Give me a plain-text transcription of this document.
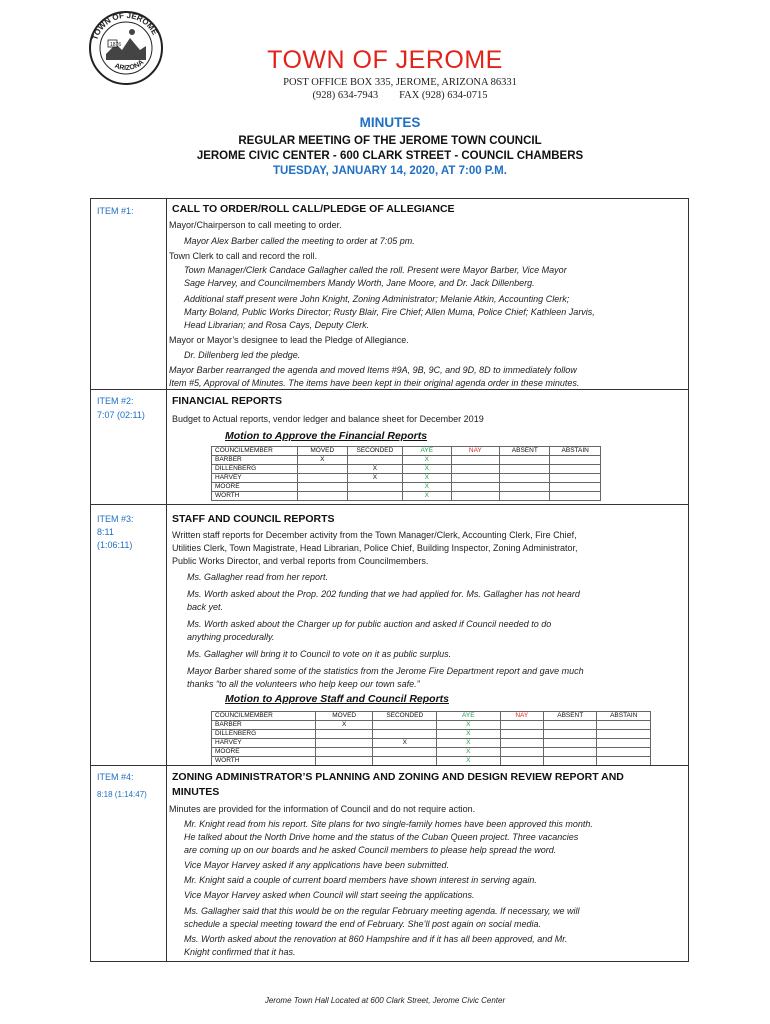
TOWN OF JEROME
ARIZONA
1876
TOWN OF JEROME
POST OFFICE BOX 335, JEROME, ARIZONA 86331
(928) 634-7943 FAX (928) 634-0715
MINUTES
REGULAR MEETING OF THE JEROME TOWN COUNCIL
JEROME CIVIC CENTER - 600 CLARK STREET - COUNCIL CHAMBERS
TUESDAY, JANUARY 14, 2020, AT 7:00 P.M.
ITEM #1:	CALL TO ORDER/ROLL CALL/PLEDGE OF ALLEGIANCE
Mayor/Chairperson to call meeting to order.
Mayor Alex Barber called the meeting to order at 7:05 pm.
Town Clerk to call and record the roll.
Town Manager/Clerk Candace Gallagher called the roll. Present were Mayor Barber, Vice Mayor
Sage Harvey, and Councilmembers Mandy Worth, Jane Moore, and Dr. Jack Dillenberg.
Additional staff present were John Knight, Zoning Administrator; Melanie Atkin, Accounting Clerk;
Marty Boland, Public Works Director; Rusty Blair, Fire Chief; Allen Muma, Police Chief; Kathleen Jarvis,
Head Librarian; and Rosa Cays, Deputy Clerk.
Mayor or Mayor’s designee to lead the Pledge of Allegiance.
Dr. Dillenberg led the pledge.
Mayor Barber rearranged the agenda and moved Items #9A, 9B, 9C, and 9D, 8D to immediately follow
Item #5, Approval of Minutes. The items have been kept in their original agenda order in these minutes.
ITEM #2:
7:07 (02:11)
FINANCIAL REPORTS
Budget to Actual reports, vendor ledger and balance sheet for December 2019
Motion to Approve the Financial Reports
COUNCILMEMBER	MOVED	SECONDED	AYE	NAY	ABSENT	ABSTAIN
BARBER	X		X			
DILLENBERG		X	X			
HARVEY		X	X			
MOORE			X			
WORTH			X			
ITEM #3:
8:11
(1:06:11)
STAFF AND COUNCIL REPORTS
Written staff reports for December activity from the Town Manager/Clerk, Accounting Clerk, Fire Chief,
Utilities Clerk, Town Magistrate, Head Librarian, Police Chief, Building Inspector, Zoning Administrator,
Public Works Director, and verbal reports from Councilmembers.
Ms. Gallagher read from her report.
Ms. Worth asked about the Prop. 202 funding that we had applied for. Ms. Gallagher has not heard
back yet.
Ms. Worth asked about the Charger up for public auction and asked if Council needed to do
anything procedurally.
Ms. Gallagher will bring it to Council to vote on it as public surplus.
Mayor Barber shared some of the statistics from the Jerome Fire Department report and gave much
thanks “to all the volunteers who help keep our town safe.”
Motion to Approve Staff and Council Reports
COUNCILMEMBER	MOVED	SECONDED	AYE	NAY	ABSENT	ABSTAIN
BARBER	X		X			
DILLENBERG			X			
HARVEY		X	X			
MOORE			X			
WORTH			X			
ITEM #4:
8:18 (1:14:47)
ZONING ADMINISTRATOR’S PLANNING AND ZONING AND DESIGN REVIEW REPORT AND
MINUTES
Minutes are provided for the information of Council and do not require action.
Mr. Knight read from his report. Site plans for two single-family homes have been approved this month.
He talked about the North Drive home and the status of the Cuban Queen project. Three vacancies
are coming up on our boards and he asked Council members to please help spread the word.
Vice Mayor Harvey asked if any applications have been submitted.
Mr. Knight said a couple of current board members have shown interest in serving again.
Vice Mayor Harvey asked when Council will start seeing the applications.
Ms. Gallagher said that this would be on the regular February meeting agenda. If necessary, we will
schedule a special meeting toward the end of February. She’ll post again on social media.
Ms. Worth asked about the renovation at 860 Hampshire and if it has all been approved, and Mr.
Knight confirmed that it has.
Jerome Town Hall Located at 600 Clark Street, Jerome Civic Center
